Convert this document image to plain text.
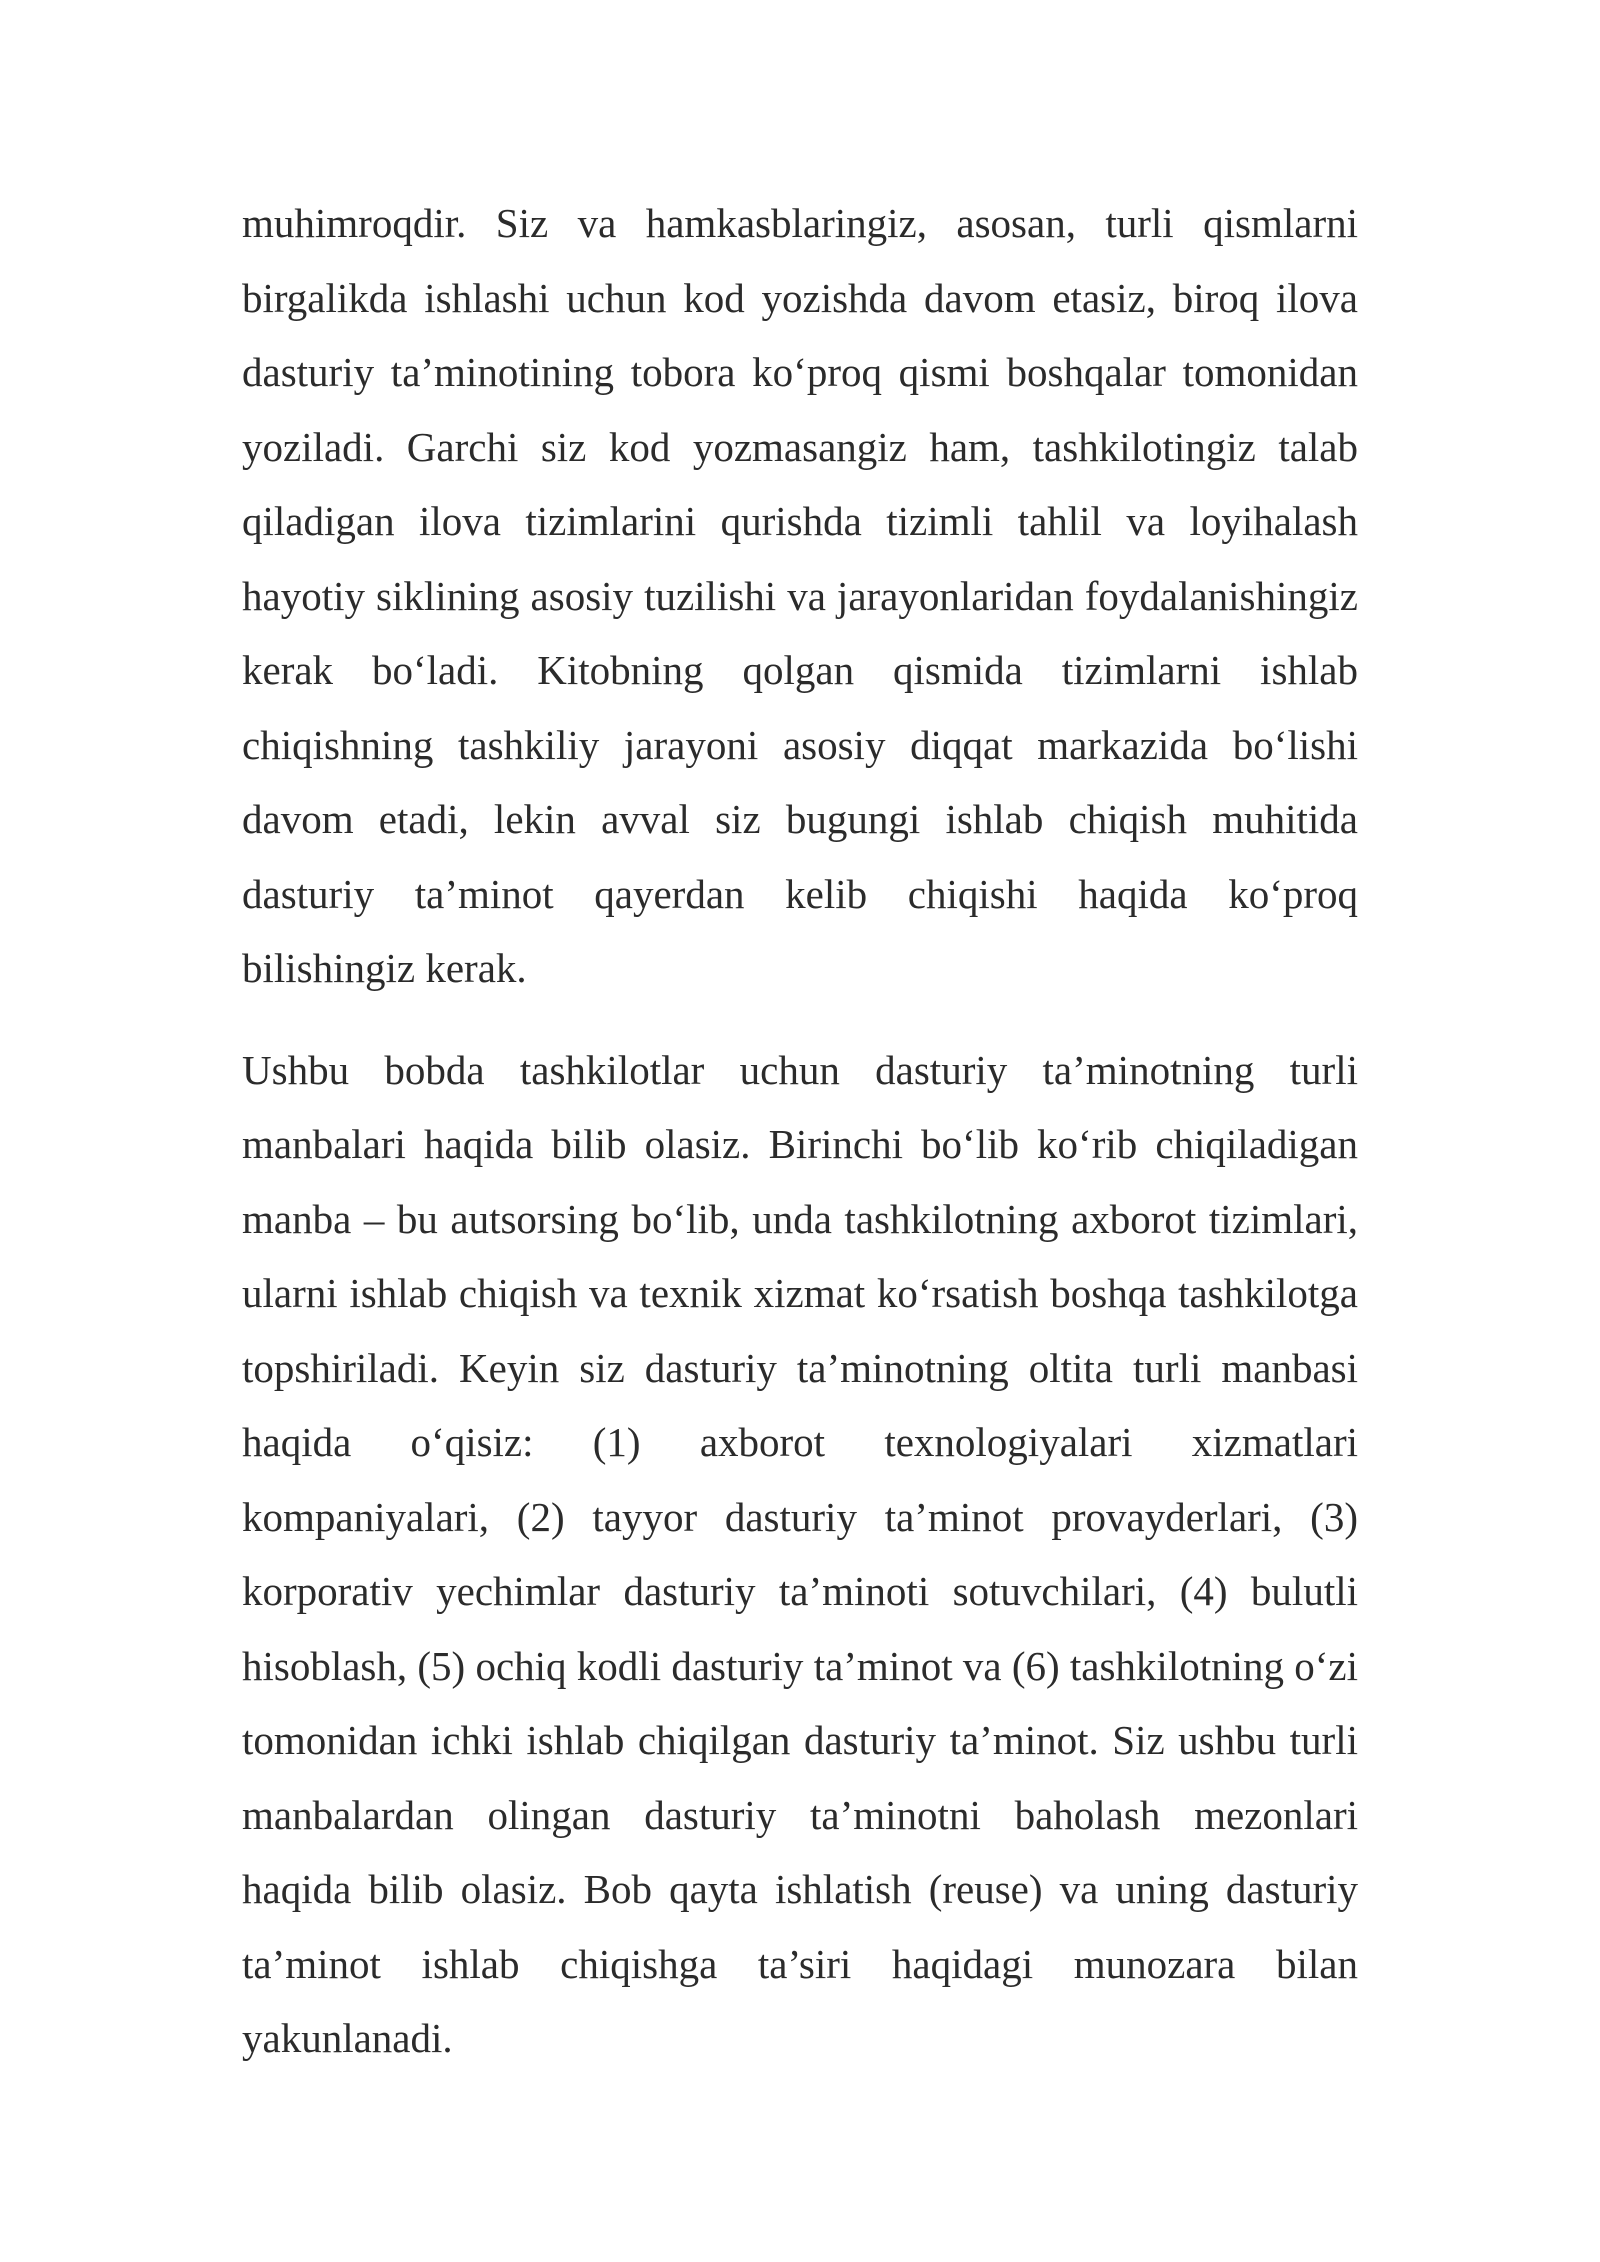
muhimroqdir. Siz va hamkasblaringiz, asosan, turli qismlarni birgalikda ishlashi uchun kod yozishda davom etasiz, biroq ilova dasturiy ta’minotining tobora ko‘proq qismi boshqalar tomonidan yoziladi. Garchi siz kod yozmasangiz ham, tashkilotingiz talab qiladigan ilova tizimlarini qurishda tizimli tahlil va loyihalash hayotiy siklining asosiy tuzilishi va jarayonlaridan foydalanishingiz kerak bo‘ladi. Kitobning qolgan qismida tizimlarni ishlab chiqishning tashkiliy jarayoni asosiy diqqat markazida bo‘lishi davom etadi, lekin avval siz bugungi ishlab chiqish muhitida dasturiy ta’minot qayerdan kelib chiqishi haqida ko‘proq bilishingiz kerak.

Ushbu bobda tashkilotlar uchun dasturiy ta’minotning turli manbalari haqida bilib olasiz. Birinchi bo‘lib ko‘rib chiqiladigan manba – bu autsorsing bo‘lib, unda tashkilotning axborot tizimlari, ularni ishlab chiqish va texnik xizmat ko‘rsatish boshqa tashkilotga topshiriladi. Keyin siz dasturiy ta’minotning oltita turli manbasi haqida o‘qisiz: (1) axborot texnologiyalari xizmatlari kompaniyalari, (2) tayyor dasturiy ta’minot provayderlari, (3) korporativ yechimlar dasturiy ta’minoti sotuvchilari, (4) bulutli hisoblash, (5) ochiq kodli dasturiy ta’minot va (6) tashkilotning o‘zi tomonidan ichki ishlab chiqilgan dasturiy ta’minot. Siz ushbu turli manbalardan olingan dasturiy ta’minotni baholash mezonlari haqida bilib olasiz. Bob qayta ishlatish (reuse) va uning dasturiy ta’minot ishlab chiqishga ta’siri haqidagi munozara bilan yakunlanadi.
